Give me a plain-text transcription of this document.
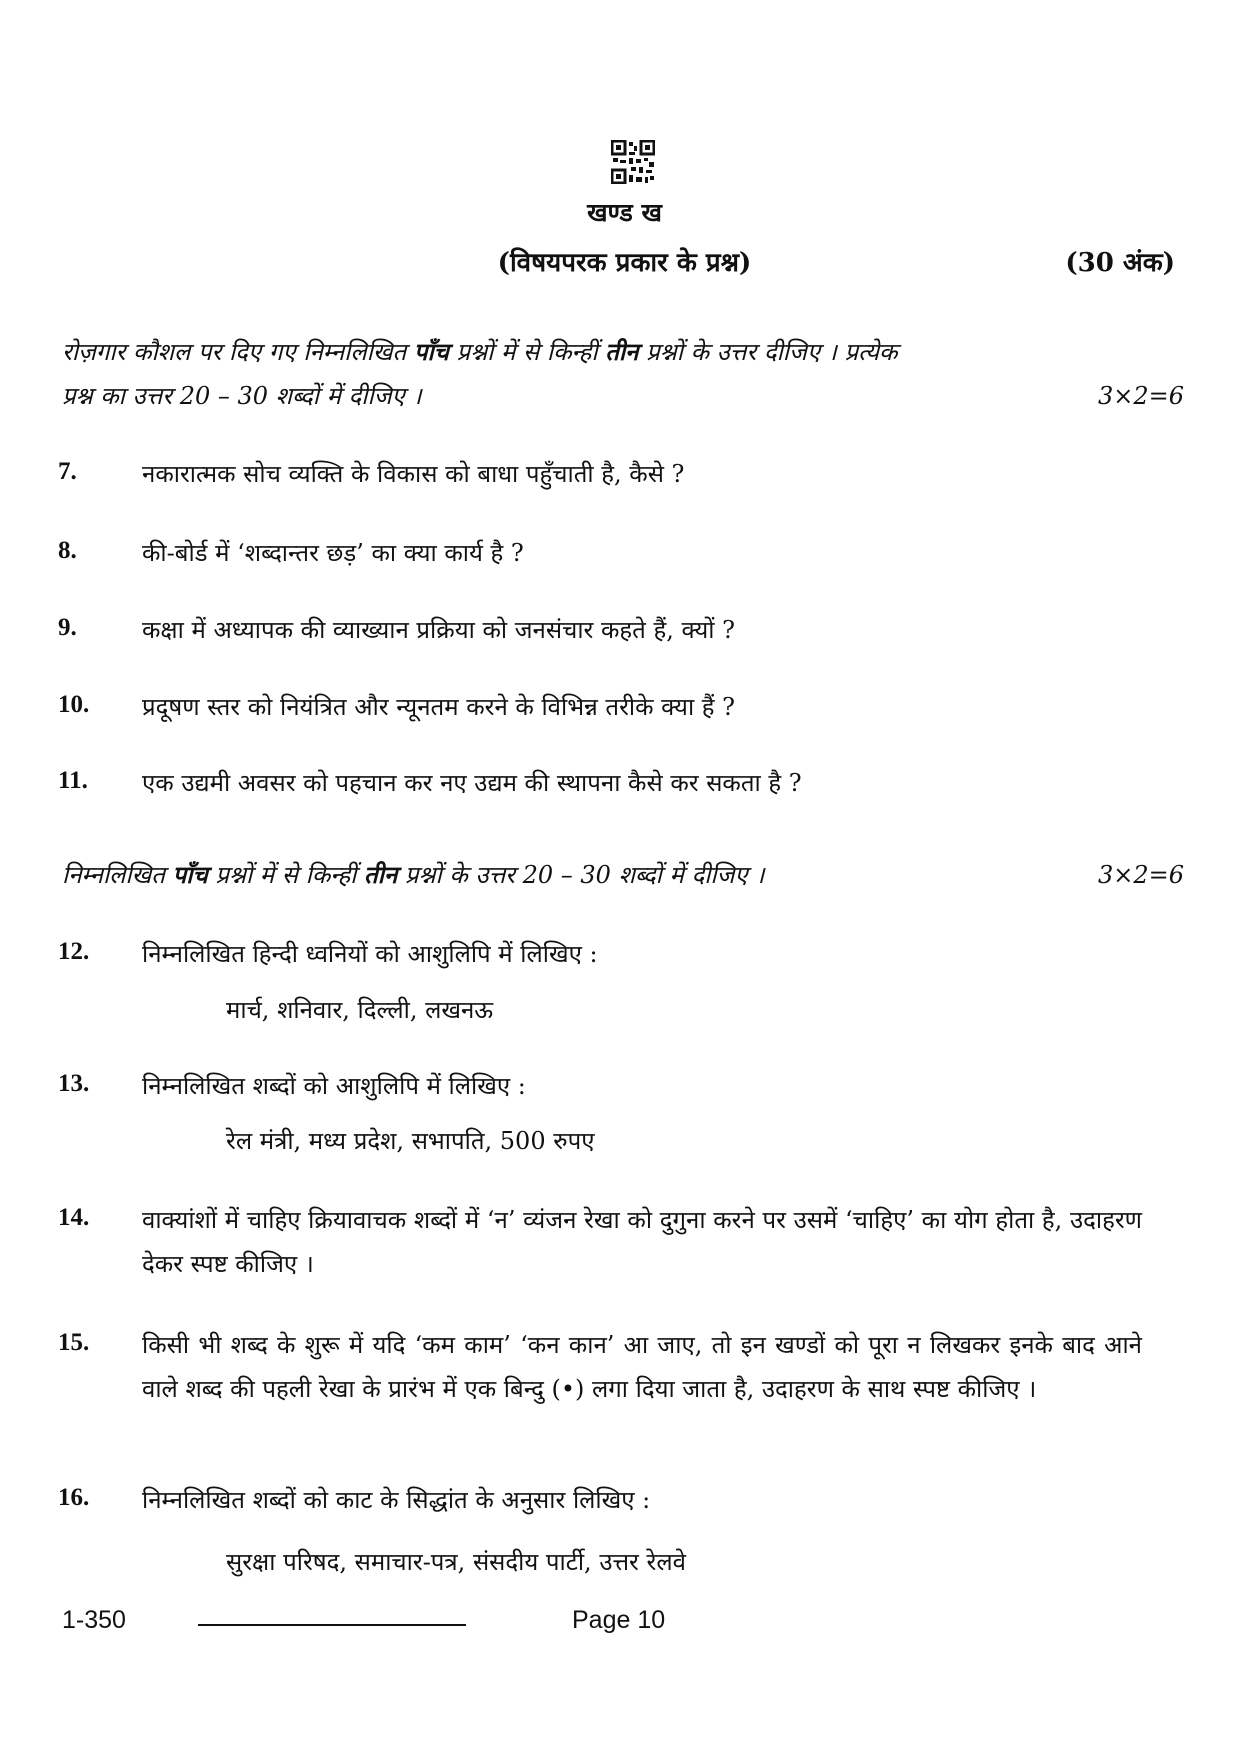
खण्ड ख
(विषयपरक प्रकार के प्रश्न)	(30 अंक)
रोज़गार कौशल पर दिए गए निम्नलिखित पाँच प्रश्नों में से किन्हीं तीन प्रश्नों के उत्तर दीजिए । प्रत्येक
प्रश्न का उत्तर 20 – 30 शब्दों में दीजिए ।	3×2=6
7.	नकारात्मक सोच व्यक्ति के विकास को बाधा पहुँचाती है, कैसे ?
8.	की-बोर्ड में ‘शब्दान्तर छड़’ का क्या कार्य है ?
9.	कक्षा में अध्यापक की व्याख्यान प्रक्रिया को जनसंचार कहते हैं, क्यों ?
10. प्रदूषण स्तर को नियंत्रित और न्यूनतम करने के विभिन्न तरीके क्या हैं ?
11. एक उद्यमी अवसर को पहचान कर नए उद्यम की स्थापना कैसे कर सकता है ?
निम्नलिखित पाँच प्रश्नों में से किन्हीं तीन प्रश्नों के उत्तर 20 – 30 शब्दों में दीजिए ।	3×2=6
12. निम्नलिखित हिन्दी ध्वनियों को आशुलिपि में लिखिए :
मार्च, शनिवार, दिल्ली, लखनऊ
13. निम्नलिखित शब्दों को आशुलिपि में लिखिए :
रेल मंत्री, मध्य प्रदेश, सभापति, 500 रुपए
14. वाक्यांशों में चाहिए क्रियावाचक शब्दों में ‘न’ व्यंजन रेखा को दुगुना करने पर उसमें ‘चाहिए’ का योग होता है, उदाहरण देकर स्पष्ट कीजिए ।
15. किसी भी शब्द के शुरू में यदि ‘कम काम’ ‘कन कान’ आ जाए, तो इन खण्डों को पूरा न लिखकर इनके बाद आने वाले शब्द की पहली रेखा के प्रारंभ में एक बिन्दु (•) लगा दिया जाता है, उदाहरण के साथ स्पष्ट कीजिए ।
16. निम्नलिखित शब्दों को काट के सिद्धांत के अनुसार लिखिए :
सुरक्षा परिषद, समाचार-पत्र, संसदीय पार्टी, उत्तर रेलवे
1-350	Page 10
